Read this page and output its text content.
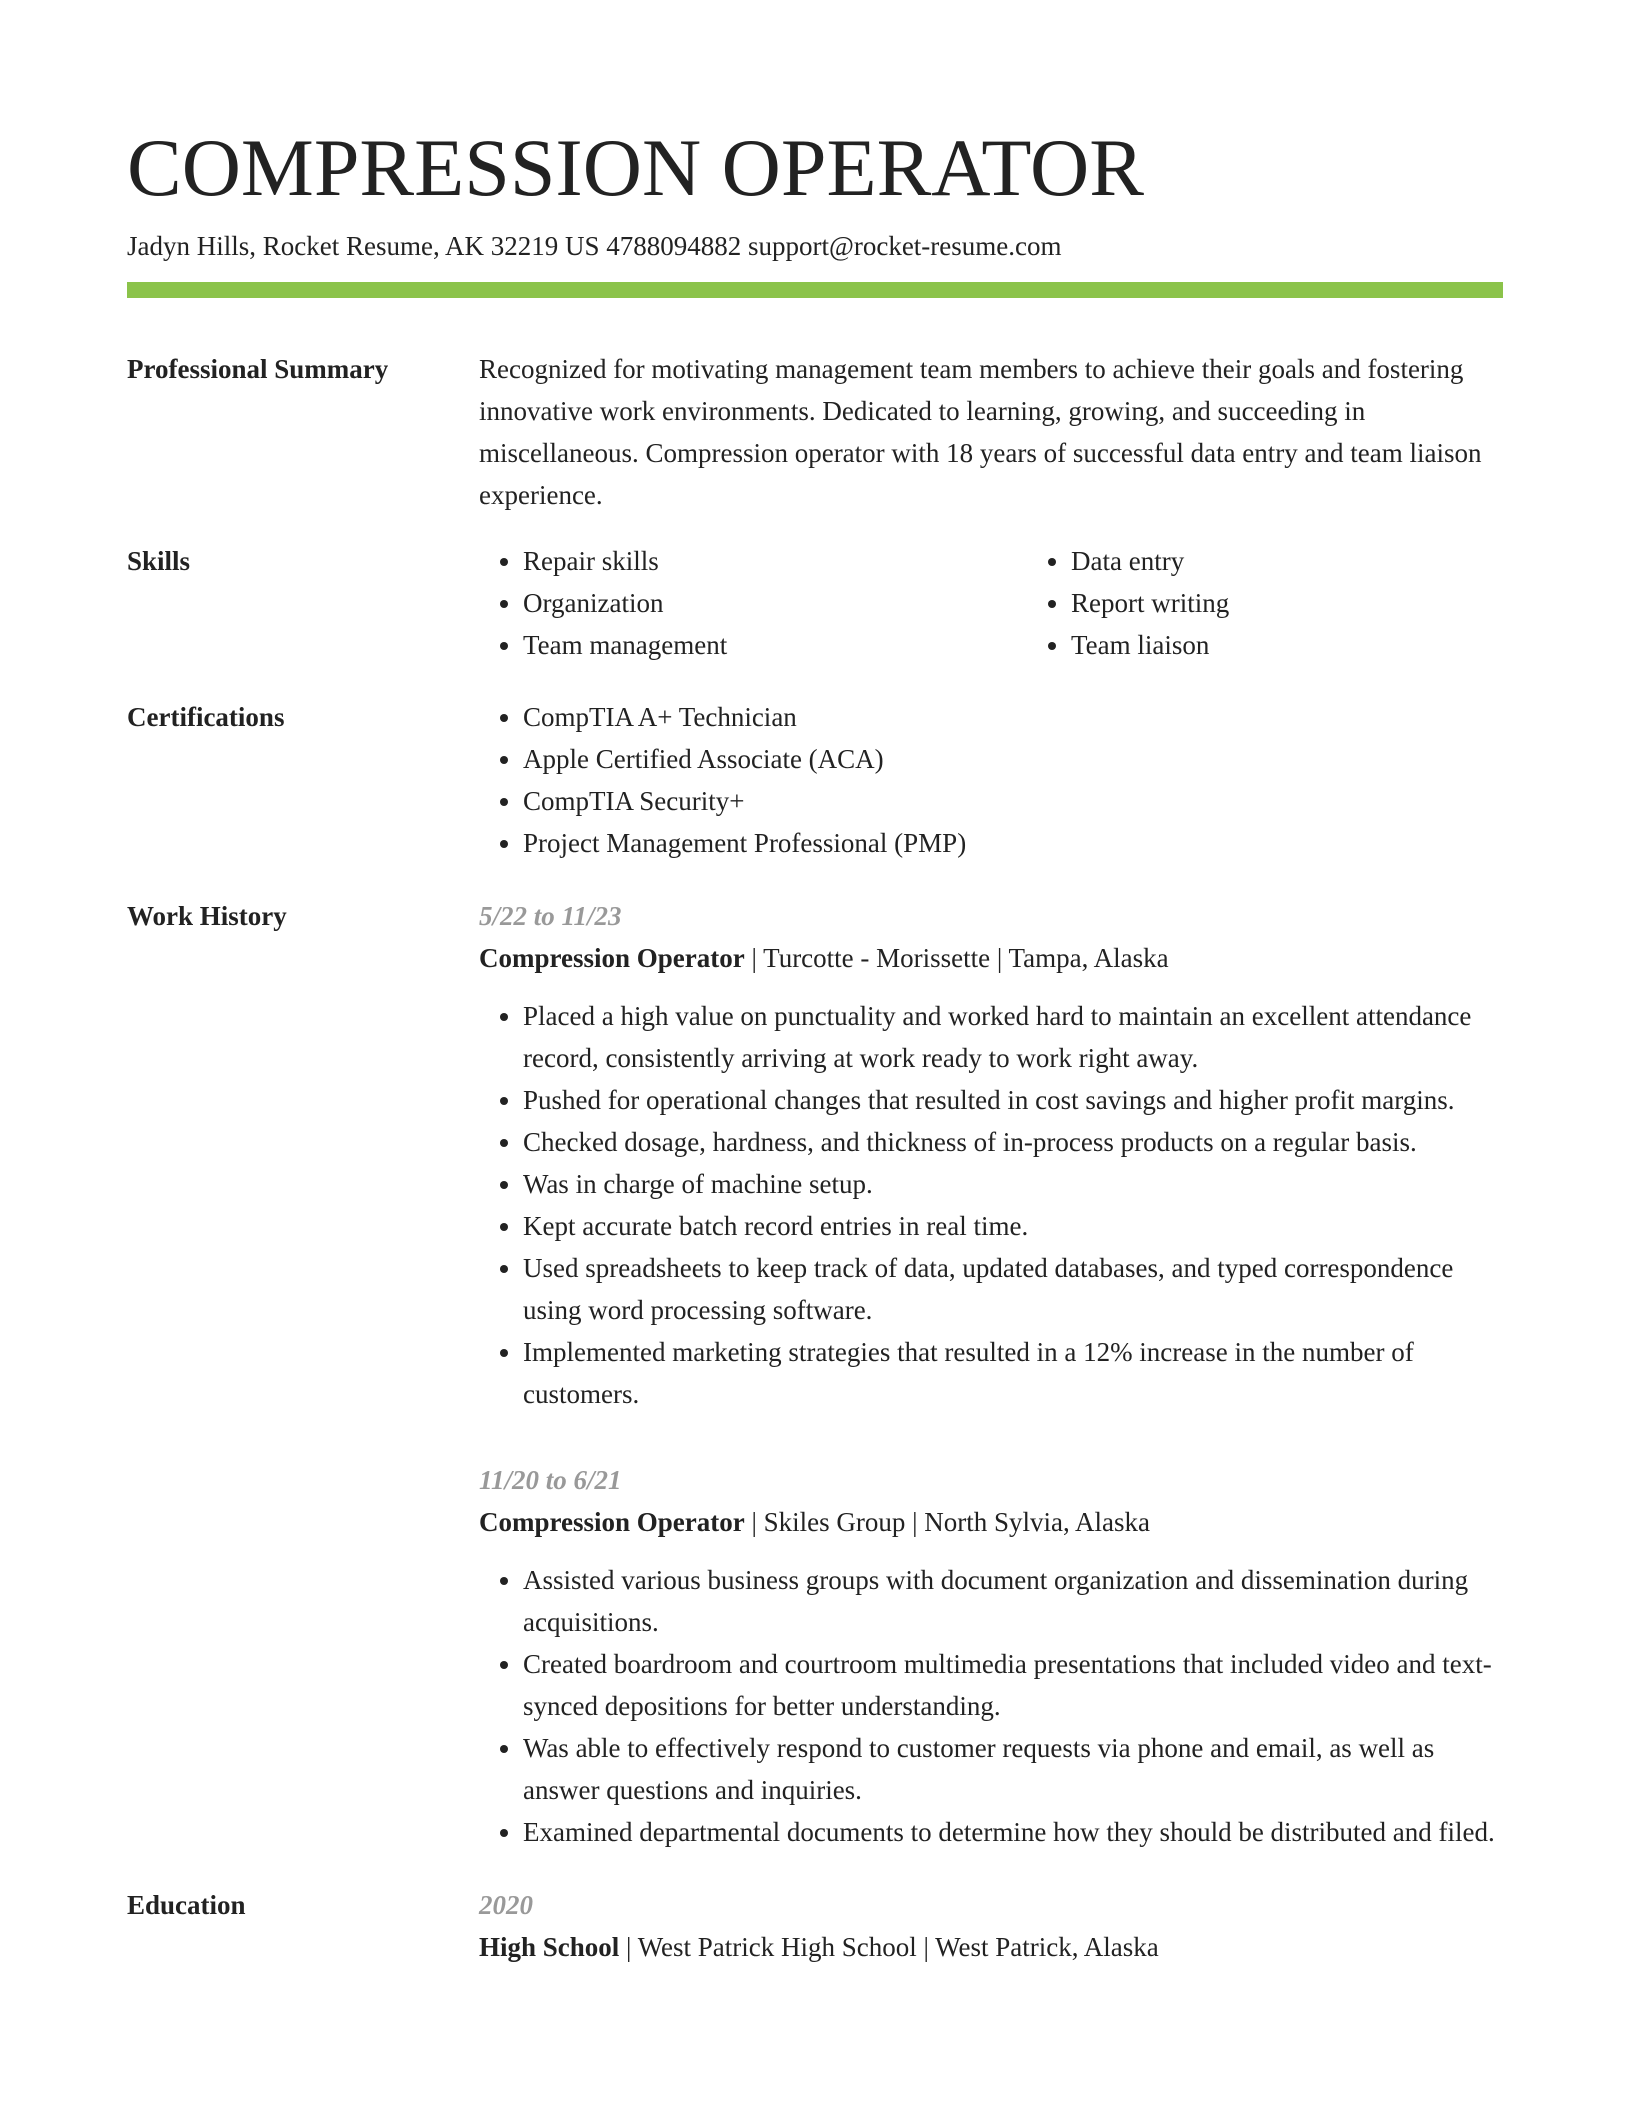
COMPRESSION OPERATOR
Jadyn Hills, Rocket Resume, AK 32219 US 4788094882 support@rocket-resume.com
Professional Summary	Recognized for motivating management team members to achieve their goals and fostering innovative work environments. Dedicated to learning, growing, and succeeding in miscellaneous. Compression operator with 18 years of successful data entry and team liaison experience.

Skills	• Repair skills
• Organization
• Team management
• Data entry
• Report writing
• Team liaison
Certifications	• CompTIA A+ Technician
• Apple Certified Associate (ACA)
• CompTIA Security+
• Project Management Professional (PMP)
Work History	5/22 to 11/23
Compression Operator | Turcotte - Morissette | Tampa, Alaska
• Placed a high value on punctuality and worked hard to maintain an excellent attendance record, consistently arriving at work ready to work right away.
• Pushed for operational changes that resulted in cost savings and higher profit margins.
• Checked dosage, hardness, and thickness of in-process products on a regular basis.
• Was in charge of machine setup.
• Kept accurate batch record entries in real time.
• Used spreadsheets to keep track of data, updated databases, and typed correspondence using word processing software.
• Implemented marketing strategies that resulted in a 12% increase in the number of customers.
11/20 to 6/21
Compression Operator | Skiles Group | North Sylvia, Alaska
• Assisted various business groups with document organization and dissemination during acquisitions.
• Created boardroom and courtroom multimedia presentations that included video and text-synced depositions for better understanding.
• Was able to effectively respond to customer requests via phone and email, as well as answer questions and inquiries.
• Examined departmental documents to determine how they should be distributed and filed.
Education	2020
High School | West Patrick High School | West Patrick, Alaska
